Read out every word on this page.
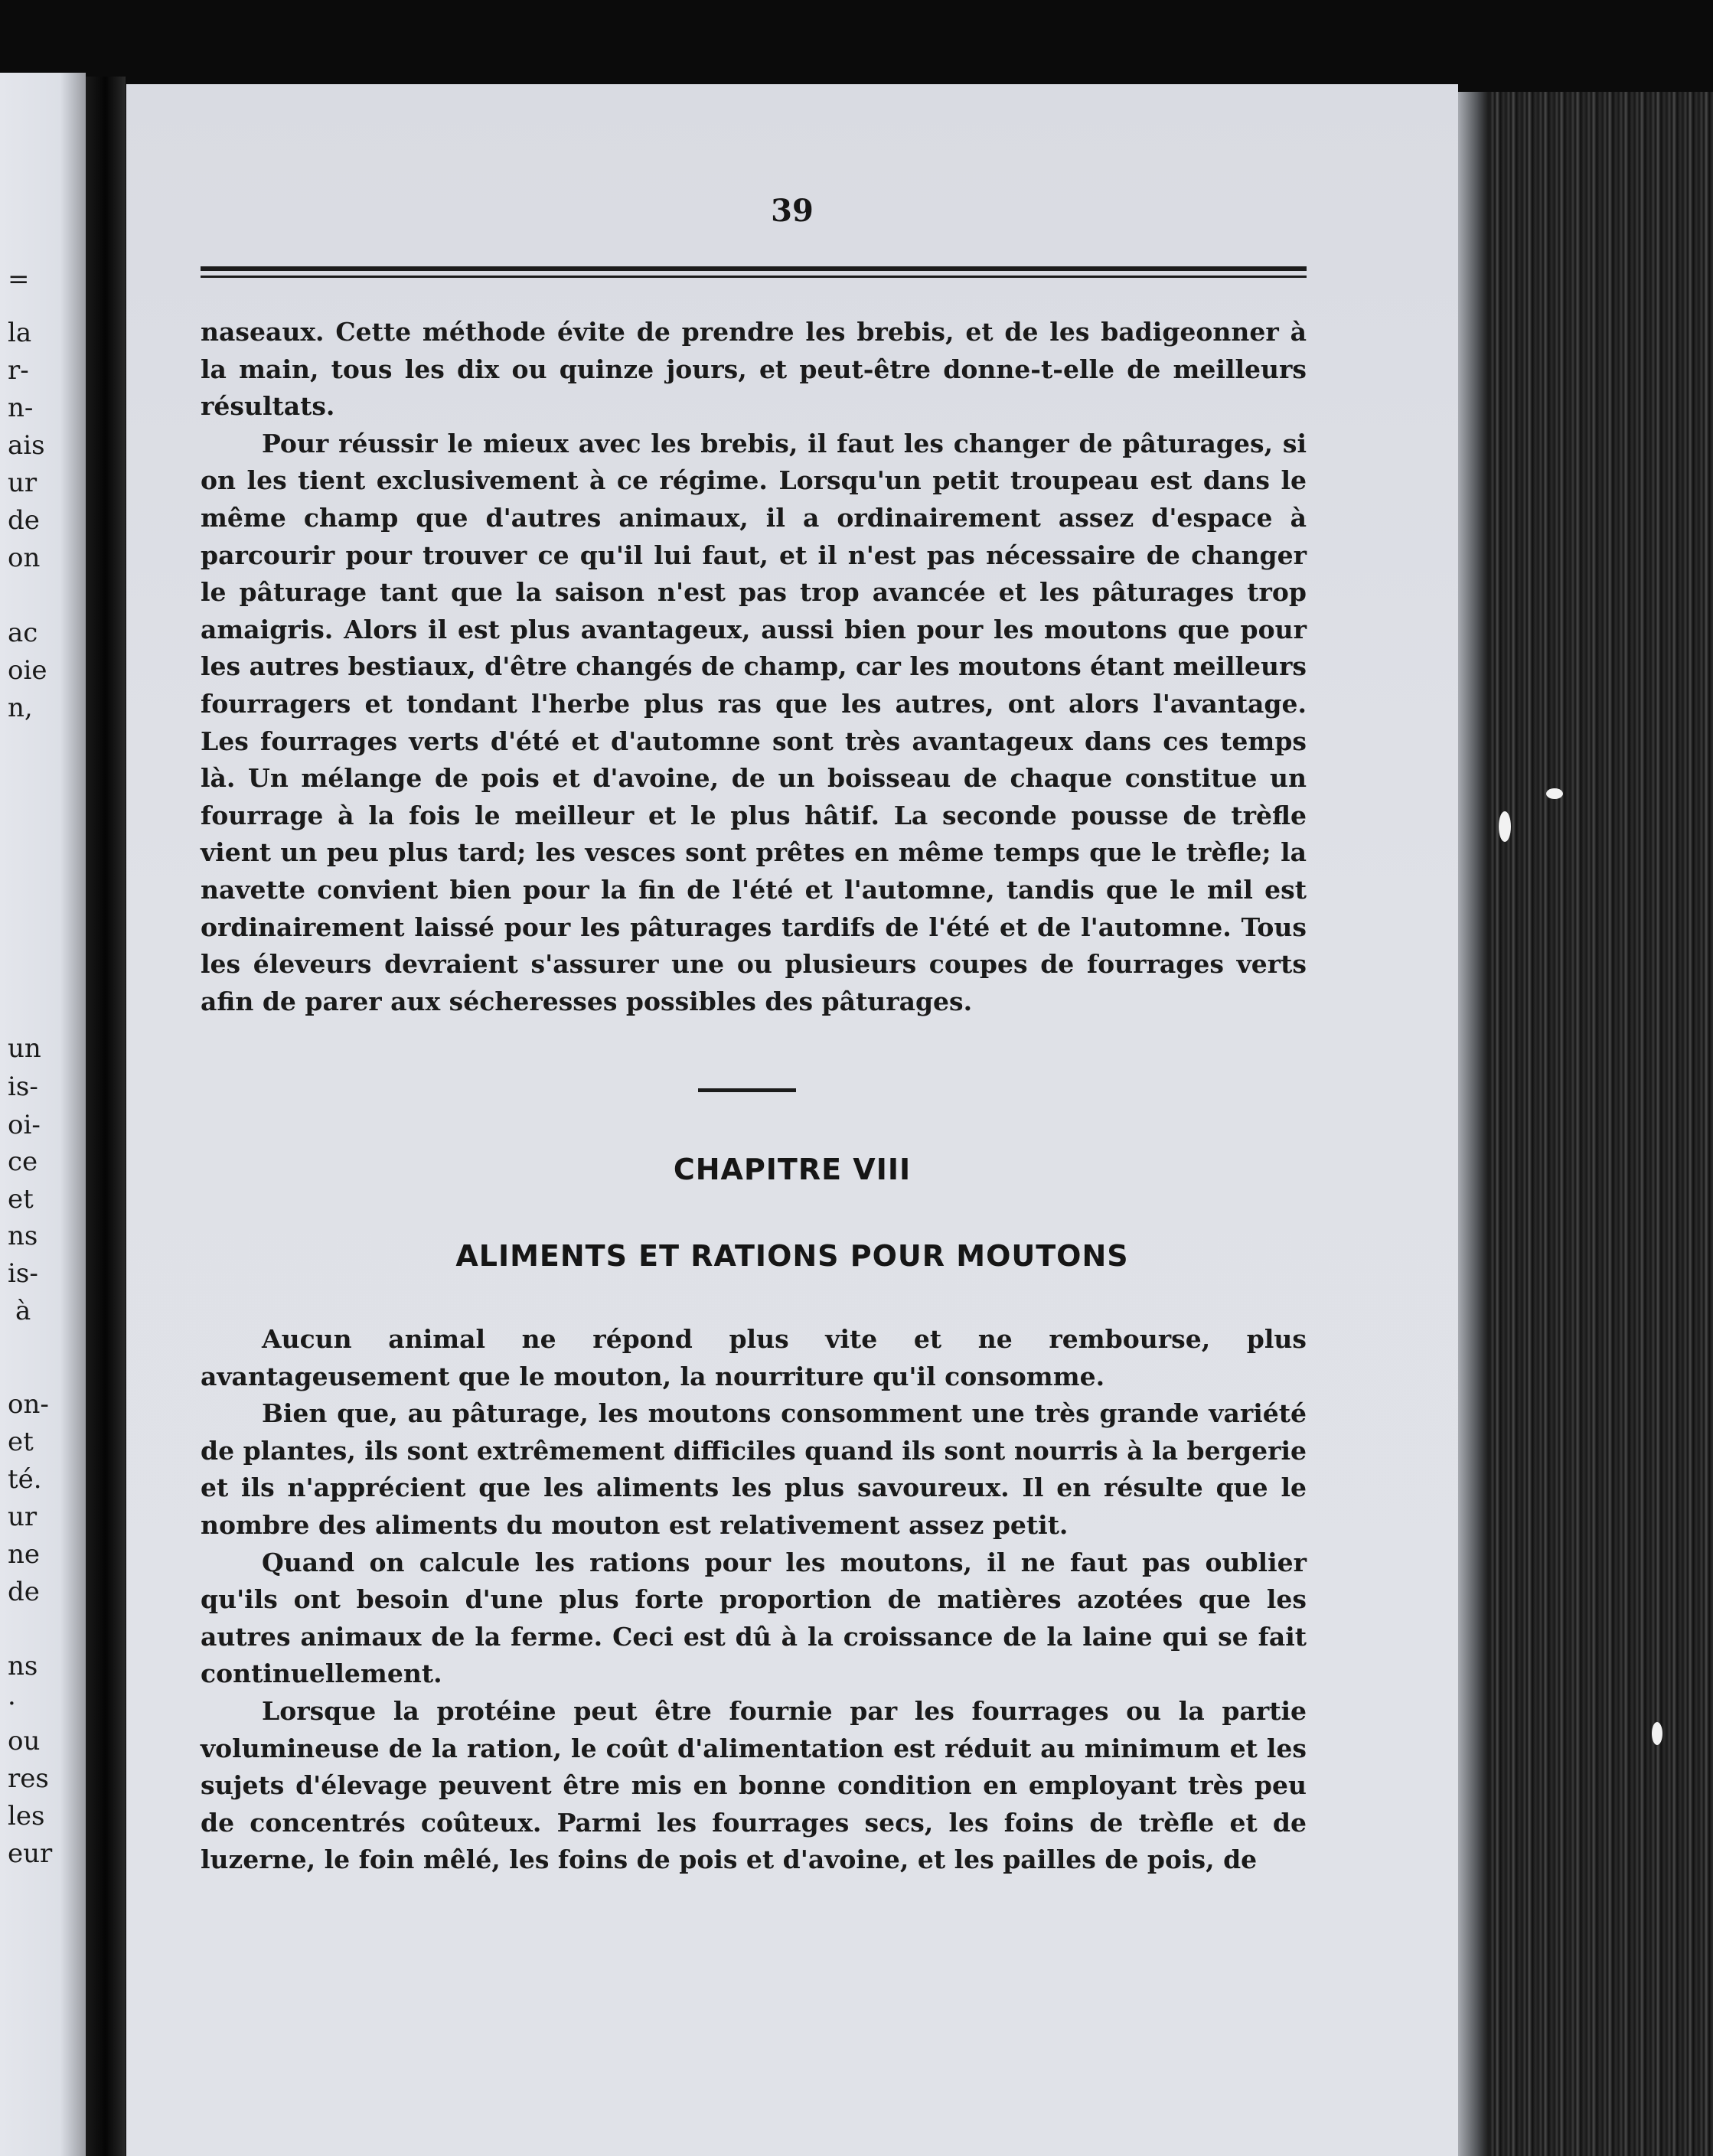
=
la
r-
n-
ais
ur
de
on
ac
oie
n,
un
is-
oi-
ce
et
ns
is-
à
on-
et
té.
ur
ne
de
ns
·
ou
res
les
eur
39

naseaux. Cette méthode évite de prendre les brebis, et de les badigeonner à la main, tous les dix ou quinze jours, et peut-être donne-t-elle de meilleurs résultats.

Pour réussir le mieux avec les brebis, il faut les changer de pâturages, si on les tient exclusivement à ce régime. Lorsqu'un petit troupeau est dans le même champ que d'autres animaux, il a ordinairement assez d'espace à parcourir pour trouver ce qu'il lui faut, et il n'est pas nécessaire de changer le pâturage tant que la saison n'est pas trop avancée et les pâturages trop amaigris. Alors il est plus avantageux, aussi bien pour les moutons que pour les autres bestiaux, d'être changés de champ, car les moutons étant meilleurs fourragers et tondant l'herbe plus ras que les autres, ont alors l'avantage. Les fourrages verts d'été et d'automne sont très avantageux dans ces temps là. Un mélange de pois et d'avoine, de un boisseau de chaque constitue un fourrage à la fois le meilleur et le plus hâtif. La seconde pousse de trèfle vient un peu plus tard; les vesces sont prêtes en même temps que le trèfle; la navette convient bien pour la fin de l'été et l'automne, tandis que le mil est ordinairement laissé pour les pâturages tardifs de l'été et de l'automne. Tous les éleveurs devraient s'assurer une ou plusieurs coupes de fourrages verts afin de parer aux sécheresses possibles des pâturages.

CHAPITRE VIII
ALIMENTS ET RATIONS POUR MOUTONS

Aucun animal ne répond plus vite et ne rembourse, plus avantageusement que le mouton, la nourriture qu'il consomme.

Bien que, au pâturage, les moutons consomment une très grande variété de plantes, ils sont extrêmement difficiles quand ils sont nourris à la bergerie et ils n'apprécient que les aliments les plus savoureux. Il en résulte que le nombre des aliments du mouton est relativement assez petit.

Quand on calcule les rations pour les moutons, il ne faut pas oublier qu'ils ont besoin d'une plus forte proportion de matières azotées que les autres animaux de la ferme. Ceci est dû à la croissance de la laine qui se fait continuellement.

Lorsque la protéine peut être fournie par les fourrages ou la partie volumineuse de la ration, le coût d'alimentation est réduit au minimum et les sujets d'élevage peuvent être mis en bonne condition en employant très peu de concentrés coûteux. Parmi les fourrages secs, les foins de trèfle et de luzerne, le foin mêlé, les foins de pois et d'avoine, et les pailles de pois, de
